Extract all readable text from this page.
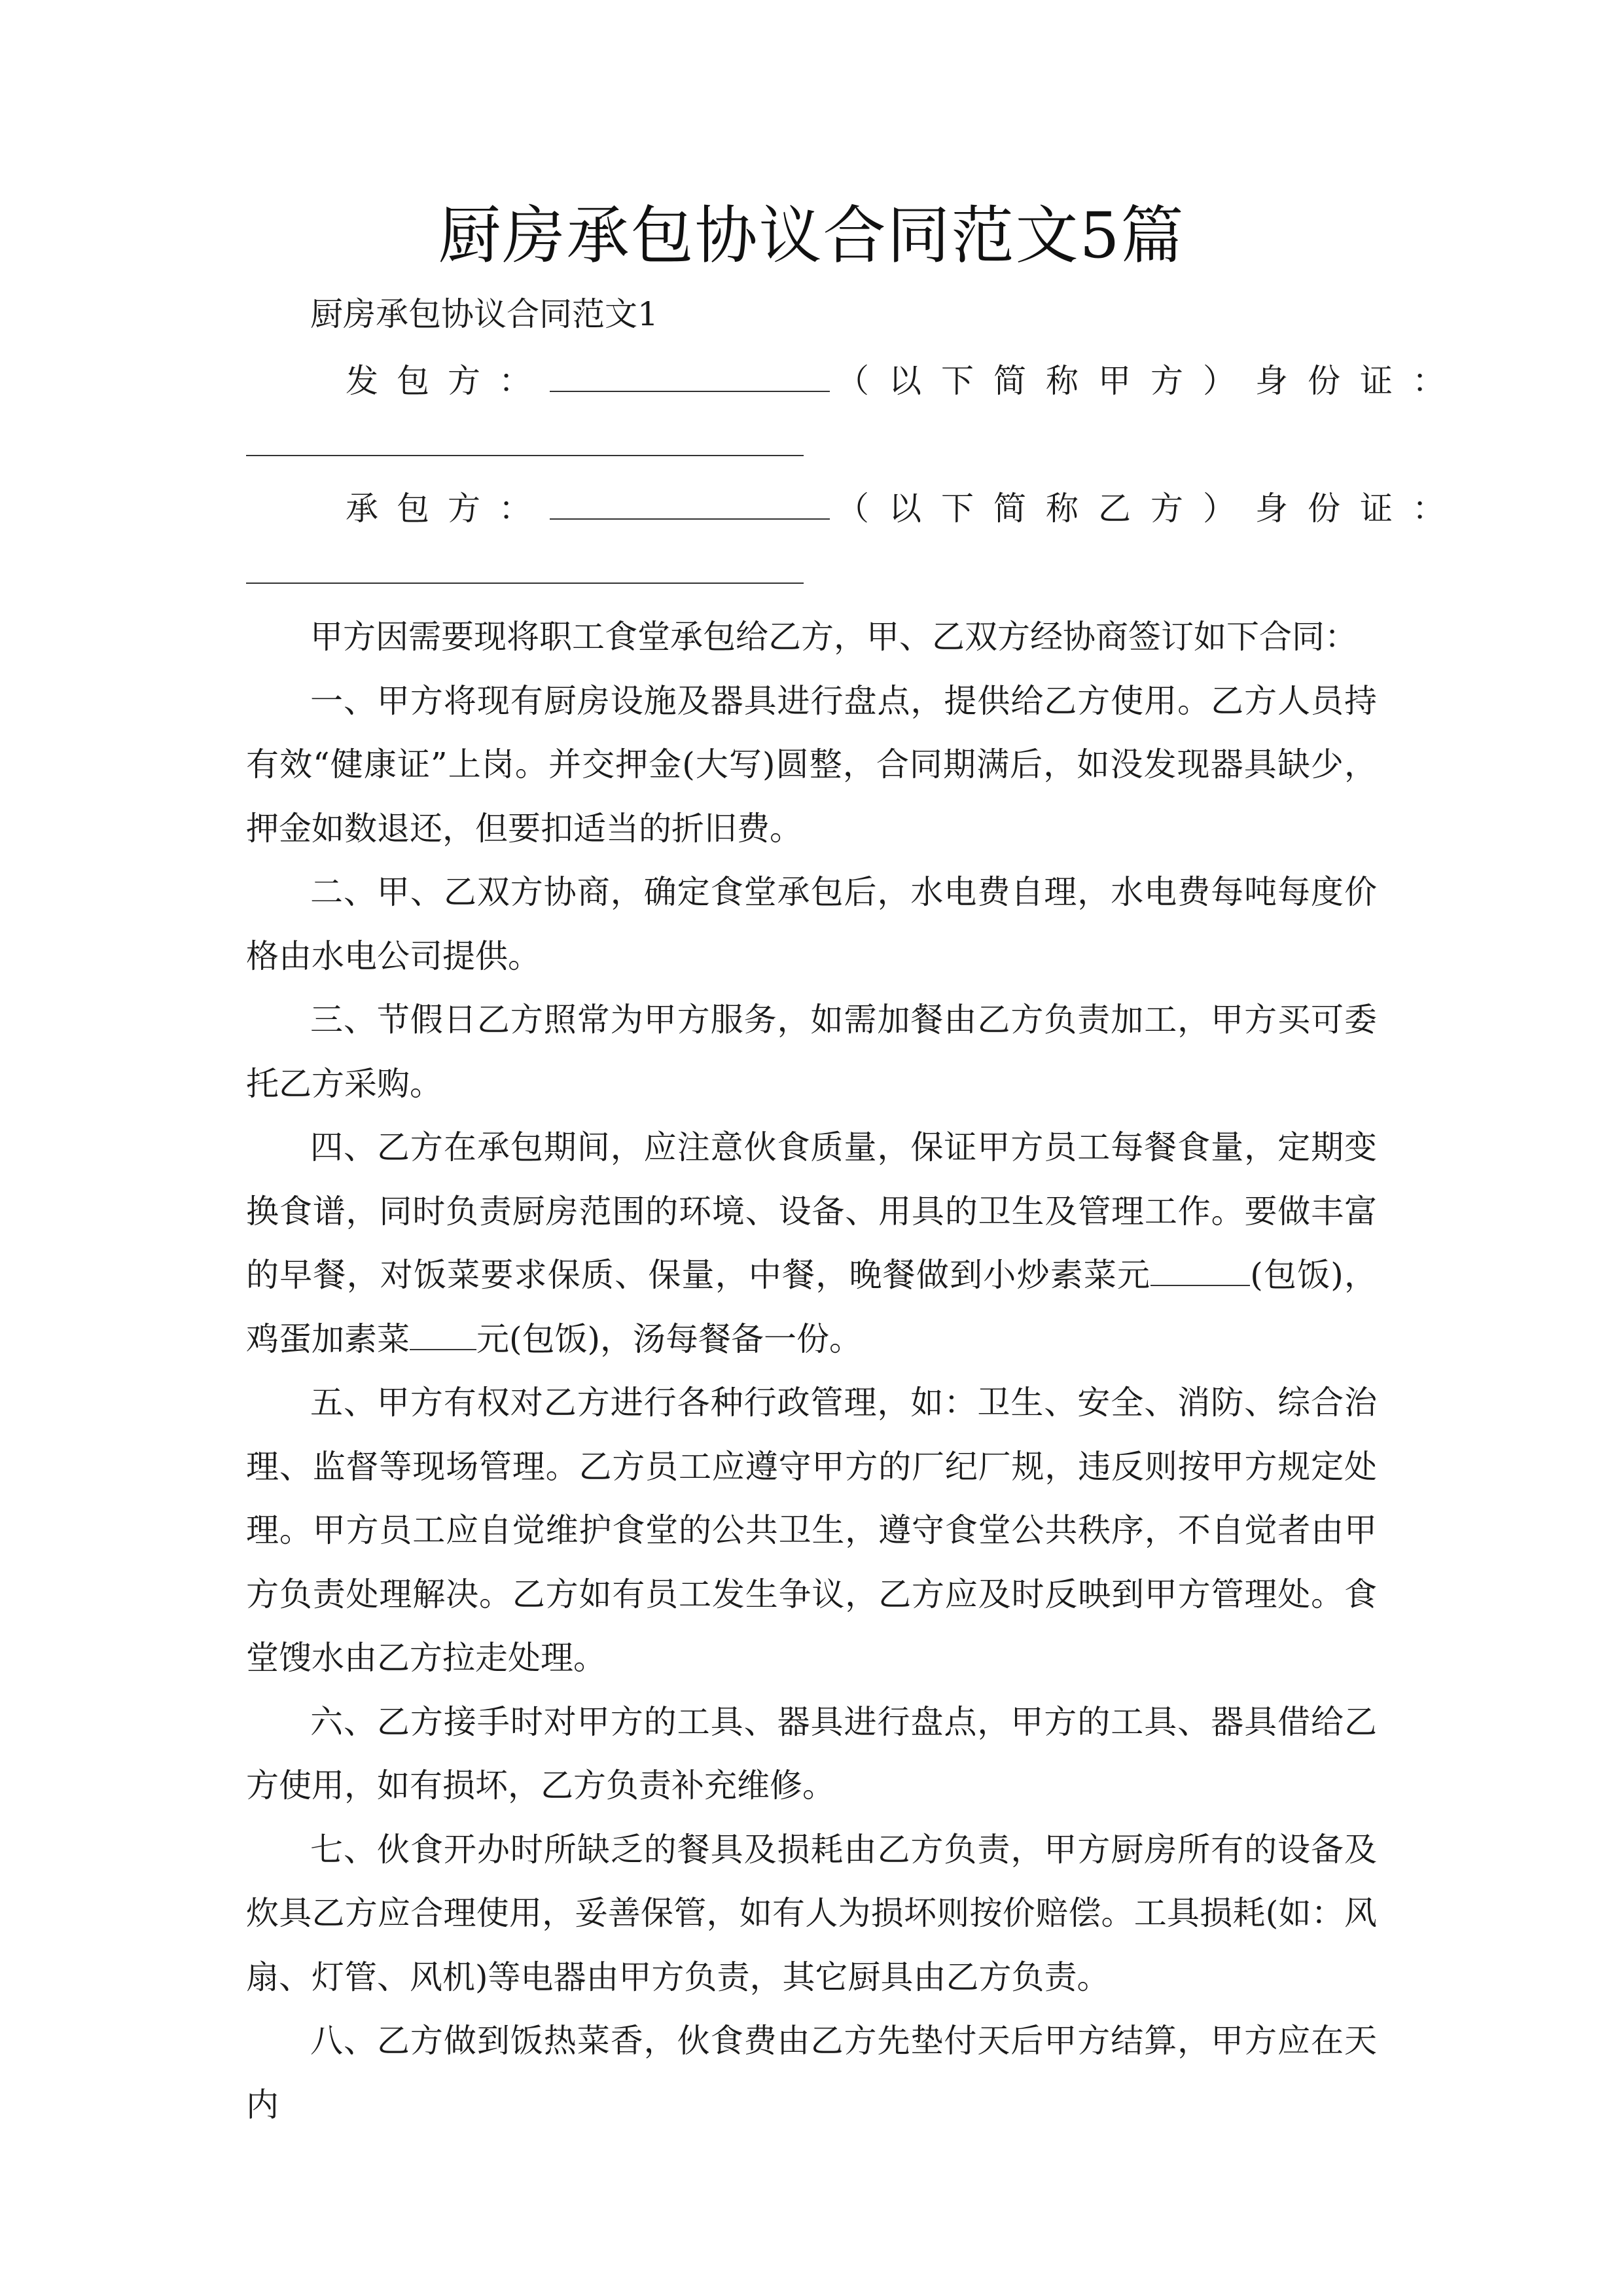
厨房承包协议合同范文5篇
厨房承包协议合同范文1
发包方：	（以下简称甲方）身份证：
承包方：	（以下简称乙方）身份证：

甲方因需要现将职工食堂承包给乙方，甲、乙双方经协商签订如下合同：

一、甲方将现有厨房设施及器具进行盘点，提供给乙方使用。乙方人员持有效“健康证”上岗。并交押金(大写)圆整，合同期满后，如没发现器具缺少，押金如数退还，但要扣适当的折旧费。

二、甲、乙双方协商，确定食堂承包后，水电费自理，水电费每吨每度价格由水电公司提供。

三、节假日乙方照常为甲方服务，如需加餐由乙方负责加工，甲方买可委托乙方采购。

四、乙方在承包期间，应注意伙食质量，保证甲方员工每餐食量，定期变换食谱，同时负责厨房范围的环境、设备、用具的卫生及管理工作。要做丰富的早餐，对饭菜要求保质、保量，中餐，晚餐做到小炒素菜元	(包饭)，鸡蛋加素菜 元(包饭)，汤每餐备一份。

五、甲方有权对乙方进行各种行政管理，如：卫生、安全、消防、综合治理、监督等现场管理。乙方员工应遵守甲方的厂纪厂规，违反则按甲方规定处理。甲方员工应自觉维护食堂的公共卫生，遵守食堂公共秩序，不自觉者由甲方负责处理解决。乙方如有员工发生争议，乙方应及时反映到甲方管理处。食堂馊水由乙方拉走处理。

六、乙方接手时对甲方的工具、器具进行盘点，甲方的工具、器具借给乙方使用，如有损坏，乙方负责补充维修。

七、伙食开办时所缺乏的餐具及损耗由乙方负责，甲方厨房所有的设备及炊具乙方应合理使用，妥善保管，如有人为损坏则按价赔偿。工具损耗(如：风扇、灯管、风机)等电器由甲方负责，其它厨具由乙方负责。

八、乙方做到饭热菜香，伙食费由乙方先垫付天后甲方结算，甲方应在天内
